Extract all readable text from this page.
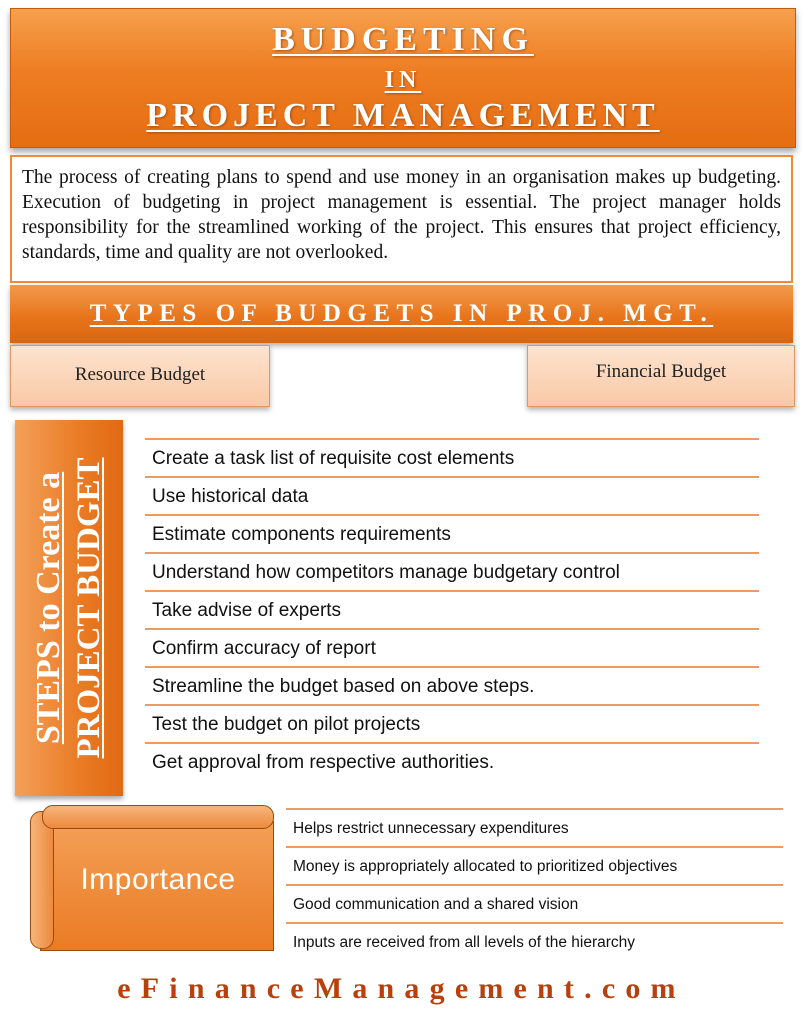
BUDGETING
IN
PROJECT MANAGEMENT
The process of creating plans to spend and use money in an organisation makes up budgeting. Execution of budgeting in project management is essential. The project manager holds responsibility for the streamlined working of the project. This ensures that project efficiency, standards, time and quality are not overlooked.
TYPES OF BUDGETS IN PROJ. MGT.
Resource Budget	Financial Budget
STEPS to Create a PROJECT BUDGET	Create a task list of requisite cost elements
Use historical data
Estimate components requirements
Understand how competitors manage budgetary control
Take advise of experts
Confirm accuracy of report
Streamline the budget based on above steps.
Test the budget on pilot projects
Get approval from respective authorities.
Importance
Helps restrict unnecessary expenditures
Money is appropriately allocated to prioritized objectives
Good communication and a shared vision
Inputs are received from all levels of the hierarchy
eFinanceManagement.com
